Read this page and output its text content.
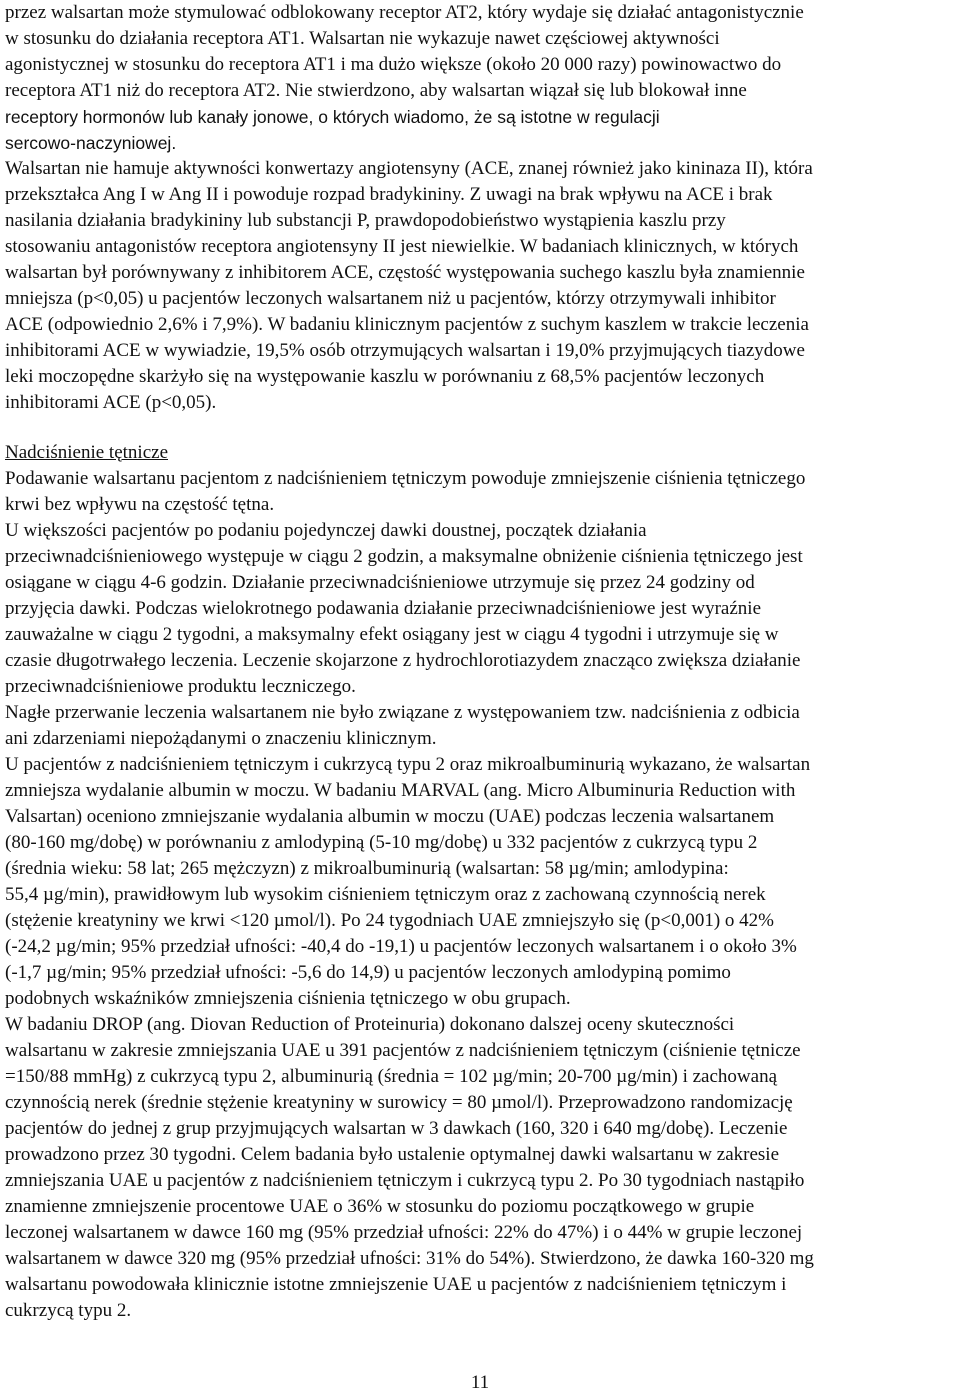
przez walsartan może stymulować odblokowany receptor AT2, który wydaje się działać antagonistycznie
w stosunku do działania receptora AT1. Walsartan nie wykazuje nawet częściowej aktywności
agonistycznej w stosunku do receptora AT1 i ma dużo większe (około 20 000 razy) powinowactwo do
receptora AT1 niż do receptora AT2. Nie stwierdzono, aby walsartan wiązał się lub blokował inne
receptory hormonów lub kanały jonowe, o których wiadomo, że są istotne w regulacji
sercowo-naczyniowej.
Walsartan nie hamuje aktywności konwertazy angiotensyny (ACE, znanej również jako kininaza II), która
przekształca Ang I w Ang II i powoduje rozpad bradykininy. Z uwagi na brak wpływu na ACE i brak
nasilania działania bradykininy lub substancji P, prawdopodobieństwo wystąpienia kaszlu przy
stosowaniu antagonistów receptora angiotensyny II jest niewielkie. W badaniach klinicznych, w których
walsartan był porównywany z inhibitorem ACE, częstość występowania suchego kaszlu była znamiennie
mniejsza (p<0,05) u pacjentów leczonych walsartanem niż u pacjentów, którzy otrzymywali inhibitor
ACE (odpowiednio 2,6% i 7,9%). W badaniu klinicznym pacjentów z suchym kaszlem w trakcie leczenia
inhibitorami ACE w wywiadzie, 19,5% osób otrzymujących walsartan i 19,0% przyjmujących tiazydowe
leki moczopędne skarżyło się na występowanie kaszlu w porównaniu z 68,5% pacjentów leczonych
inhibitorami ACE (p<0,05).
Nadciśnienie tętnicze
Podawanie walsartanu pacjentom z nadciśnieniem tętniczym powoduje zmniejszenie ciśnienia tętniczego
krwi bez wpływu na częstość tętna.
U większości pacjentów po podaniu pojedynczej dawki doustnej, początek działania
przeciwnadciśnieniowego występuje w ciągu 2 godzin, a maksymalne obniżenie ciśnienia tętniczego jest
osiągane w ciągu 4-6 godzin. Działanie przeciwnadciśnieniowe utrzymuje się przez 24 godziny od
przyjęcia dawki. Podczas wielokrotnego podawania działanie przeciwnadciśnieniowe jest wyraźnie
zauważalne w ciągu 2 tygodni, a maksymalny efekt osiągany jest w ciągu 4 tygodni i utrzymuje się w
czasie długotrwałego leczenia. Leczenie skojarzone z hydrochlorotiazydem znacząco zwiększa działanie
przeciwnadciśnieniowe produktu leczniczego.
Nagłe przerwanie leczenia walsartanem nie było związane z występowaniem tzw. nadciśnienia z odbicia
ani zdarzeniami niepożądanymi o znaczeniu klinicznym.
U pacjentów z nadciśnieniem tętniczym i cukrzycą typu 2 oraz mikroalbuminurią wykazano, że walsartan
zmniejsza wydalanie albumin w moczu. W badaniu MARVAL (ang. Micro Albuminuria Reduction with
Valsartan) oceniono zmniejszanie wydalania albumin w moczu (UAE) podczas leczenia walsartanem
(80-160 mg/dobę) w porównaniu z amlodypiną (5-10 mg/dobę) u 332 pacjentów z cukrzycą typu 2
(średnia wieku: 58 lat; 265 mężczyzn) z mikroalbuminurią (walsartan: 58 µg/min; amlodypina:
55,4 µg/min), prawidłowym lub wysokim ciśnieniem tętniczym oraz z zachowaną czynnością nerek
(stężenie kreatyniny we krwi <120 µmol/l). Po 24 tygodniach UAE zmniejszyło się (p<0,001) o 42%
(-24,2 µg/min; 95% przedział ufności: -40,4 do -19,1) u pacjentów leczonych walsartanem i o około 3%
(-1,7 µg/min; 95% przedział ufności: -5,6 do 14,9) u pacjentów leczonych amlodypiną pomimo
podobnych wskaźników zmniejszenia ciśnienia tętniczego w obu grupach.
W badaniu DROP (ang. Diovan Reduction of Proteinuria) dokonano dalszej oceny skuteczności
walsartanu w zakresie zmniejszania UAE u 391 pacjentów z nadciśnieniem tętniczym (ciśnienie tętnicze
=150/88 mmHg) z cukrzycą typu 2, albuminurią (średnia = 102 µg/min; 20-700 µg/min) i zachowaną
czynnością nerek (średnie stężenie kreatyniny w surowicy = 80 µmol/l). Przeprowadzono randomizację
pacjentów do jednej z grup przyjmujących walsartan w 3 dawkach (160, 320 i 640 mg/dobę). Leczenie
prowadzono przez 30 tygodni. Celem badania było ustalenie optymalnej dawki walsartanu w zakresie
zmniejszania UAE u pacjentów z nadciśnieniem tętniczym i cukrzycą typu 2. Po 30 tygodniach nastąpiło
znamienne zmniejszenie procentowe UAE o 36% w stosunku do poziomu początkowego w grupie
leczonej walsartanem w dawce 160 mg (95% przedział ufności: 22% do 47%) i o 44% w grupie leczonej
walsartanem w dawce 320 mg (95% przedział ufności: 31% do 54%). Stwierdzono, że dawka 160-320 mg
walsartanu powodowała klinicznie istotne zmniejszenie UAE u pacjentów z nadciśnieniem tętniczym i
cukrzycą typu 2.
11
